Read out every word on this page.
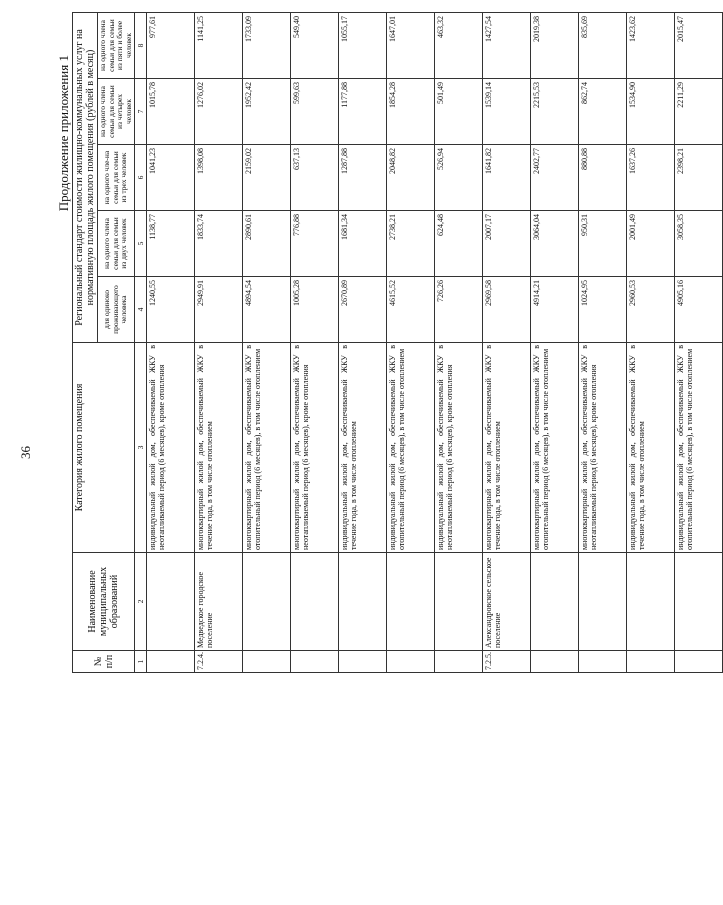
36
Продолжение приложения 1
№ п/п	Наименование муниципальных образований	Категория жилого помещения	Региональный стандарт стоимости жилищно-коммунальных услуг на нормативную площадь жилого помещения (рублей в месяц)				
			для одиноко проживающего человека	на одного члена семьи для семьи из двух человек	на одного чле-на семьи для семьи из трех человек	на одного члена семьи для семьи из четырех человек	на одного члена семьи для семьи из пяти и более человек
1	2	3	4	5	6	7	8
		индивидуальный жилой дом, обеспечиваемый ЖКУ в неотапливаемый период (6 месяцев), кроме отопления	1240,55	1138,77	1041,23	1015,78	977,61
7.2.4.	Медведское городское поселение	многоквартирный жилой дом, обеспечиваемый ЖКУ в течение года, в том числе отоплением	2949,91	1833,74	1398,08	1276,02	1141,25
		многоквартирный жилой дом, обеспечиваемый ЖКУ в отопительный период (6 месяцев), в том числе отоплением	4894,54	2890,61	2159,02	1952,42	1733,09
		многоквартирный жилой дом, обеспечиваемый ЖКУ в неотапливаемый период (6 месяцев), кроме отопления	1005,28	776,88	637,13	599,63	549,40
		индивидуальный жилой дом, обеспечиваемый ЖКУ в течение года, в том числе отоплением	2670,89	1681,34	1287,88	1177,88	1055,17
		индивидуальный жилой дом, обеспечиваемый ЖКУ в отопительный период (6 месяцев), в том числе отоплением	4615,52	2738,21	2048,82	1854,28	1647,01
		индивидуальный жилой дом, обеспечиваемый ЖКУ в неотапливаемый период (6 месяцев), кроме отопления	726,26	624,48	526,94	501,49	463,32
7.2.5.	Александровское сельское поселение	многоквартирный жилой дом, обеспечиваемый ЖКУ в течение года, в том числе отоплением	2969,58	2007,17	1641,82	1539,14	1427,54
		многоквартирный жилой дом, обеспечиваемый ЖКУ в отопительный период (6 месяцев), в том числе отоплением	4914,21	3064,04	2402,77	2215,53	2019,38
		многоквартирный жилой дом, обеспечиваемый ЖКУ в неотапливаемый период (6 месяцев), кроме отопления	1024,95	950,31	880,88	862,74	835,69
		индивидуальный жилой дом, обеспечиваемый ЖКУ в течение года, в том числе отоплением	2960,53	2001,49	1637,26	1534,90	1423,62
		индивидуальный жилой дом, обеспечиваемый ЖКУ в отопительный период (6 месяцев), в том числе отоплением	4905,16	3058,35	2398,21	2211,29	2015,47
